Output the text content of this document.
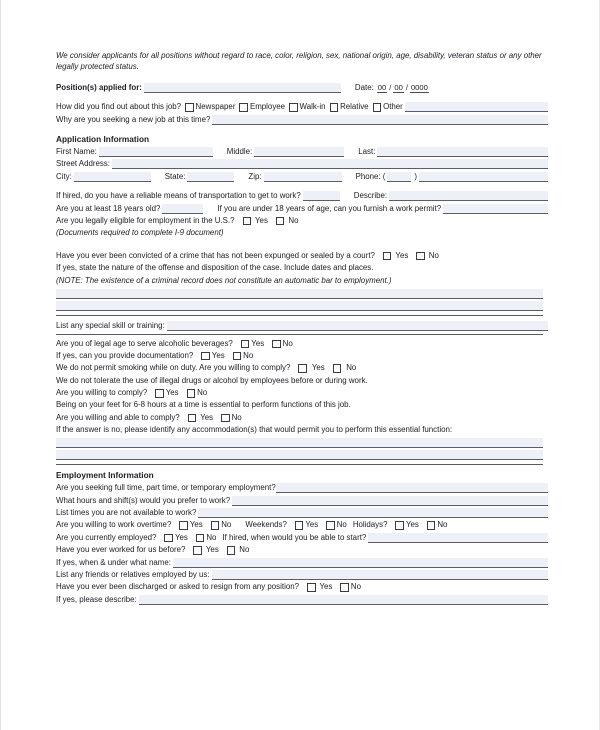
We consider applicants for all positions without regard to race, color, religion, sex, national origin, age, disability, veteran status or any other legally protected status.
Position(s) applied for:	Date: 00 / 00 / 0000
How did you find out about this job? Newspaper Employee Walk-in Relative Other
Why are you seeking a new job at this time?
Application Information
First Name:	Middle:	Last:
Street Address:
City:	State:	Zip:	Phone: (	)
If hired, do you have a reliable means of transportation to get to work?	Describe:
Are you at least 18 years old?	If you are under 18 years of age, can you furnish a work permit?
Are you legally eligible for employment in the U.S.?	Yes	No
(Documents required to complete I-9 document)
Have you ever been convicted of a crime that has not been expunged or sealed by a court?	Yes	No
If yes, state the nature of the offense and disposition of the case. Include dates and places.
(NOTE: The existence of a criminal record does not constitute an automatic bar to employment.)
List any special skill or training:
Are you of legal age to serve alcoholic beverages? Yes No
If yes, can you provide documentation? Yes No
We do not permit smoking while on duty. Are you willing to comply?	Yes	No
We do not tolerate the use of illegal drugs or alcohol by employees before or during work.
Are you willing to comply? Yes No
Being on your feet for 6-8 hours at a time is essential to perform functions of this job.
Are you willing and able to comply?	Yes No
If the answer is no, please identify any accommodation(s) that would permit you to perform this essential function:
Employment Information
Are you seeking full time, part time, or temporary employment?
What hours and shift(s) would you prefer to work?
List times you are not available to work?
Are you willing to work overtime? Yes No Weekends? Yes No Holidays? Yes No
Are you currently employed? Yes No If hired, when would you be able to start?
Have you ever worked for us before?	Yes	No
If yes, when & under what name:
List any friends or relatives employed by us:
Have you ever been discharged or asked to resign from any position?	Yes No
If yes, please describe:
